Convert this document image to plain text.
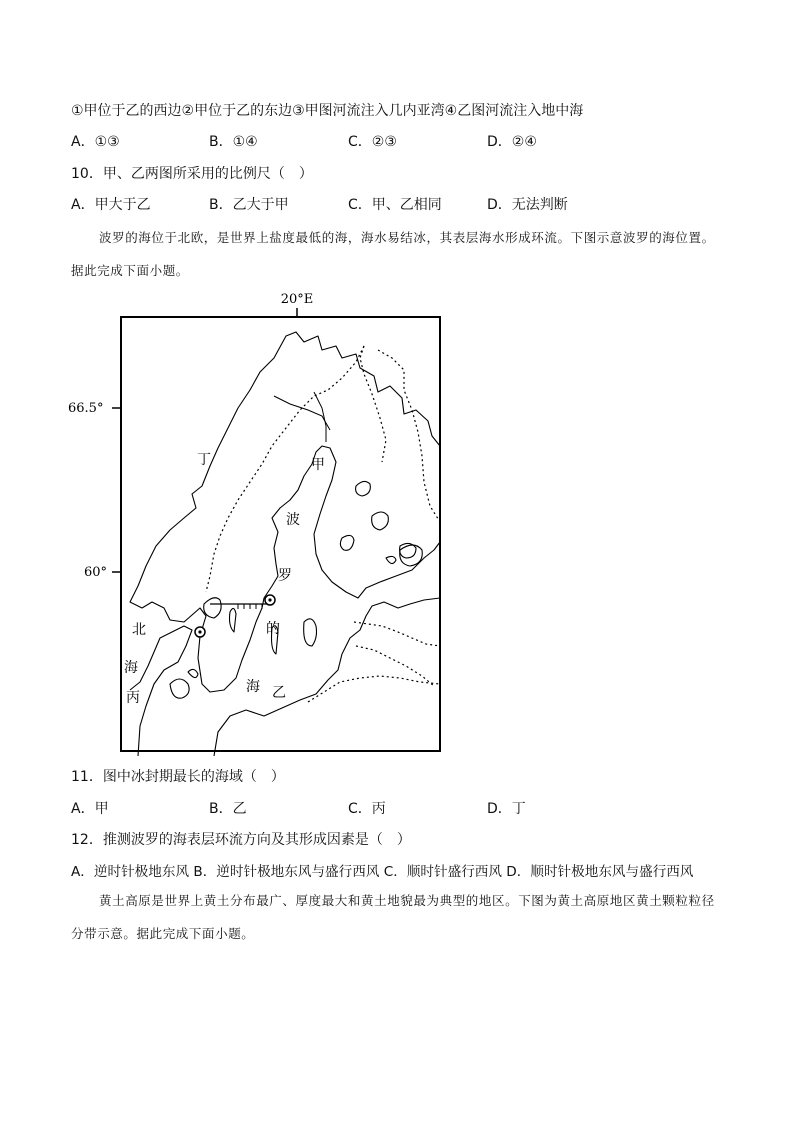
①甲位于乙的西边②甲位于乙的东边③甲图河流注入几内亚湾④乙图河流注入地中海
A．①③	B．①④	C．②③	D．②④
10．甲、乙两图所采用的比例尺（　）
A．甲大于乙	B．乙大于甲	C．甲、乙相同	D．无法判断
波罗的海位于北欧，是世界上盐度最低的海，海水易结冰，其表层海水形成环流。下图示意波罗的海位置。据此完成下面小题。
20°E
66.5°
60°
丁	甲
波
罗
的
海 乙
北
海
丙
11．图中冰封期最长的海域（　）
A．甲	B．乙	C．丙	D．丁
12．推测波罗的海表层环流方向及其形成因素是（　）
A．逆时针极地东风 B．逆时针极地东风与盛行西风 C．顺时针盛行西风 D．顺时针极地东风与盛行西风
黄土高原是世界上黄土分布最广、厚度最大和黄土地貌最为典型的地区。下图为黄土高原地区黄土颗粒粒径分带示意。据此完成下面小题。
